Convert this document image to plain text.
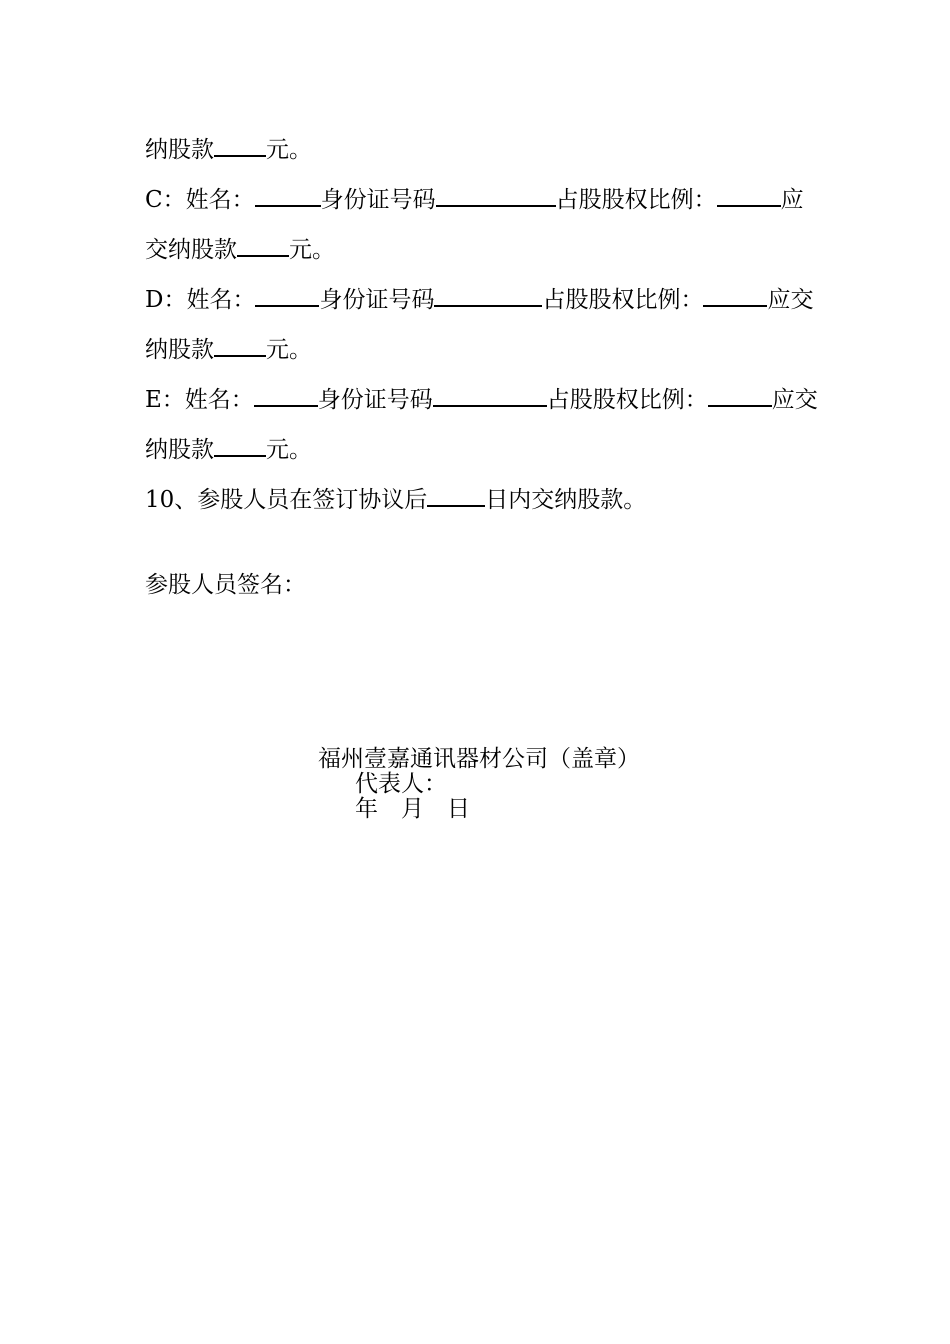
纳股款 元。
C：姓名：	身份证号码	占股股权比例：	应
交纳股款 元。
D：姓名：	身份证号码	占股股权比例：	应交
纳股款 元。
E：姓名：	身份证号码	占股股权比例：	应交
纳股款 元。
10、参股人员在签订协议后	日内交纳股款。
参股人员签名：
福州壹嘉通讯器材公司（盖章）
代表人：
年　月　日
